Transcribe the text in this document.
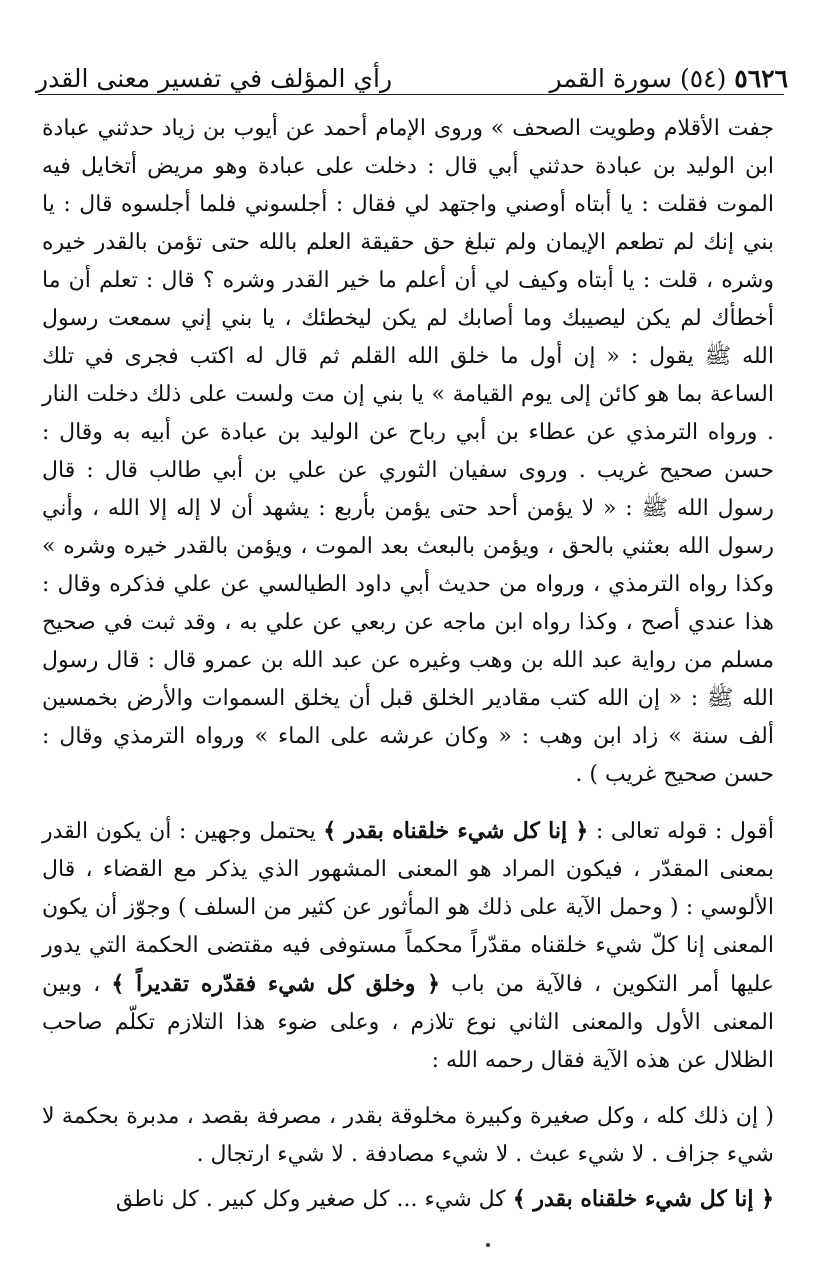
٥٦٢٦ (٥٤) سورة القمر
رأي المؤلف في تفسير معنى القدر

جفت الأقلام وطويت الصحف » وروى الإمام أحمد عن أيوب بن زياد حدثني عبادة ابن الوليد بن عبادة حدثني أبي قال : دخلت على عبادة وهو مريض أتخايل فيه الموت فقلت : يا أبتاه أوصني واجتهد لي فقال : أجلسوني فلما أجلسوه قال : يا بني إنك لم تطعم الإيمان ولم تبلغ حق حقيقة العلم بالله حتى تؤمن بالقدر خيره وشره ، قلت : يا أبتاه وكيف لي أن أعلم ما خير القدر وشره ؟ قال : تعلم أن ما أخطأك لم يكن ليصيبك وما أصابك لم يكن ليخطئك ، يا بني إني سمعت رسول الله ﷺ يقول : « إن أول ما خلق الله القلم ثم قال له اكتب فجرى في تلك الساعة بما هو كائن إلى يوم القيامة » يا بني إن مت ولست على ذلك دخلت النار . ورواه الترمذي عن عطاء بن أبي رباح عن الوليد بن عبادة عن أبيه به وقال : حسن صحيح غريب . وروى سفيان الثوري عن علي بن أبي طالب قال : قال رسول الله ﷺ : « لا يؤمن أحد حتى يؤمن بأربع : يشهد أن لا إله إلا الله ، وأني رسول الله بعثني بالحق ، ويؤمن بالبعث بعد الموت ، ويؤمن بالقدر خيره وشره » وكذا رواه الترمذي ، ورواه من حديث أبي داود الطيالسي عن علي فذكره وقال : هذا عندي أصح ، وكذا رواه ابن ماجه عن ربعي عن علي به ، وقد ثبت في صحيح مسلم من رواية عبد الله بن وهب وغيره عن عبد الله بن عمرو قال : قال رسول الله ﷺ : « إن الله كتب مقادير الخلق قبل أن يخلق السموات والأرض بخمسين ألف سنة » زاد ابن وهب : « وكان عرشه على الماء » ورواه الترمذي وقال : حسن صحيح غريب ) .

أقول : قوله تعالى : ﴿ إنا كل شيء خلقناه بقدر ﴾ يحتمل وجهين : أن يكون القدر بمعنى المقدّر ، فيكون المراد هو المعنى المشهور الذي يذكر مع القضاء ، قال الألوسي : ( وحمل الآية على ذلك هو المأثور عن كثير من السلف ) وجوّز أن يكون المعنى إنا كلّ شيء خلقناه مقدّراً محكماً مستوفى فيه مقتضى الحكمة التي يدور عليها أمر التكوين ، فالآية من باب ﴿ وخلق كل شيء فقدّره تقديراً ﴾ ، وبين المعنى الأول والمعنى الثاني نوع تلازم ، وعلى ضوء هذا التلازم تكلّم صاحب الظلال عن هذه الآية فقال رحمه الله :

( إن ذلك كله ، وكل صغيرة وكبيرة مخلوقة بقدر ، مصرفة بقصد ، مدبرة بحكمة لا شيء جزاف . لا شيء عبث . لا شيء مصادفة . لا شيء ارتجال .

﴿ إنا كل شيء خلقناه بقدر ﴾ كل شيء ... كل صغير وكل كبير . كل ناطق
